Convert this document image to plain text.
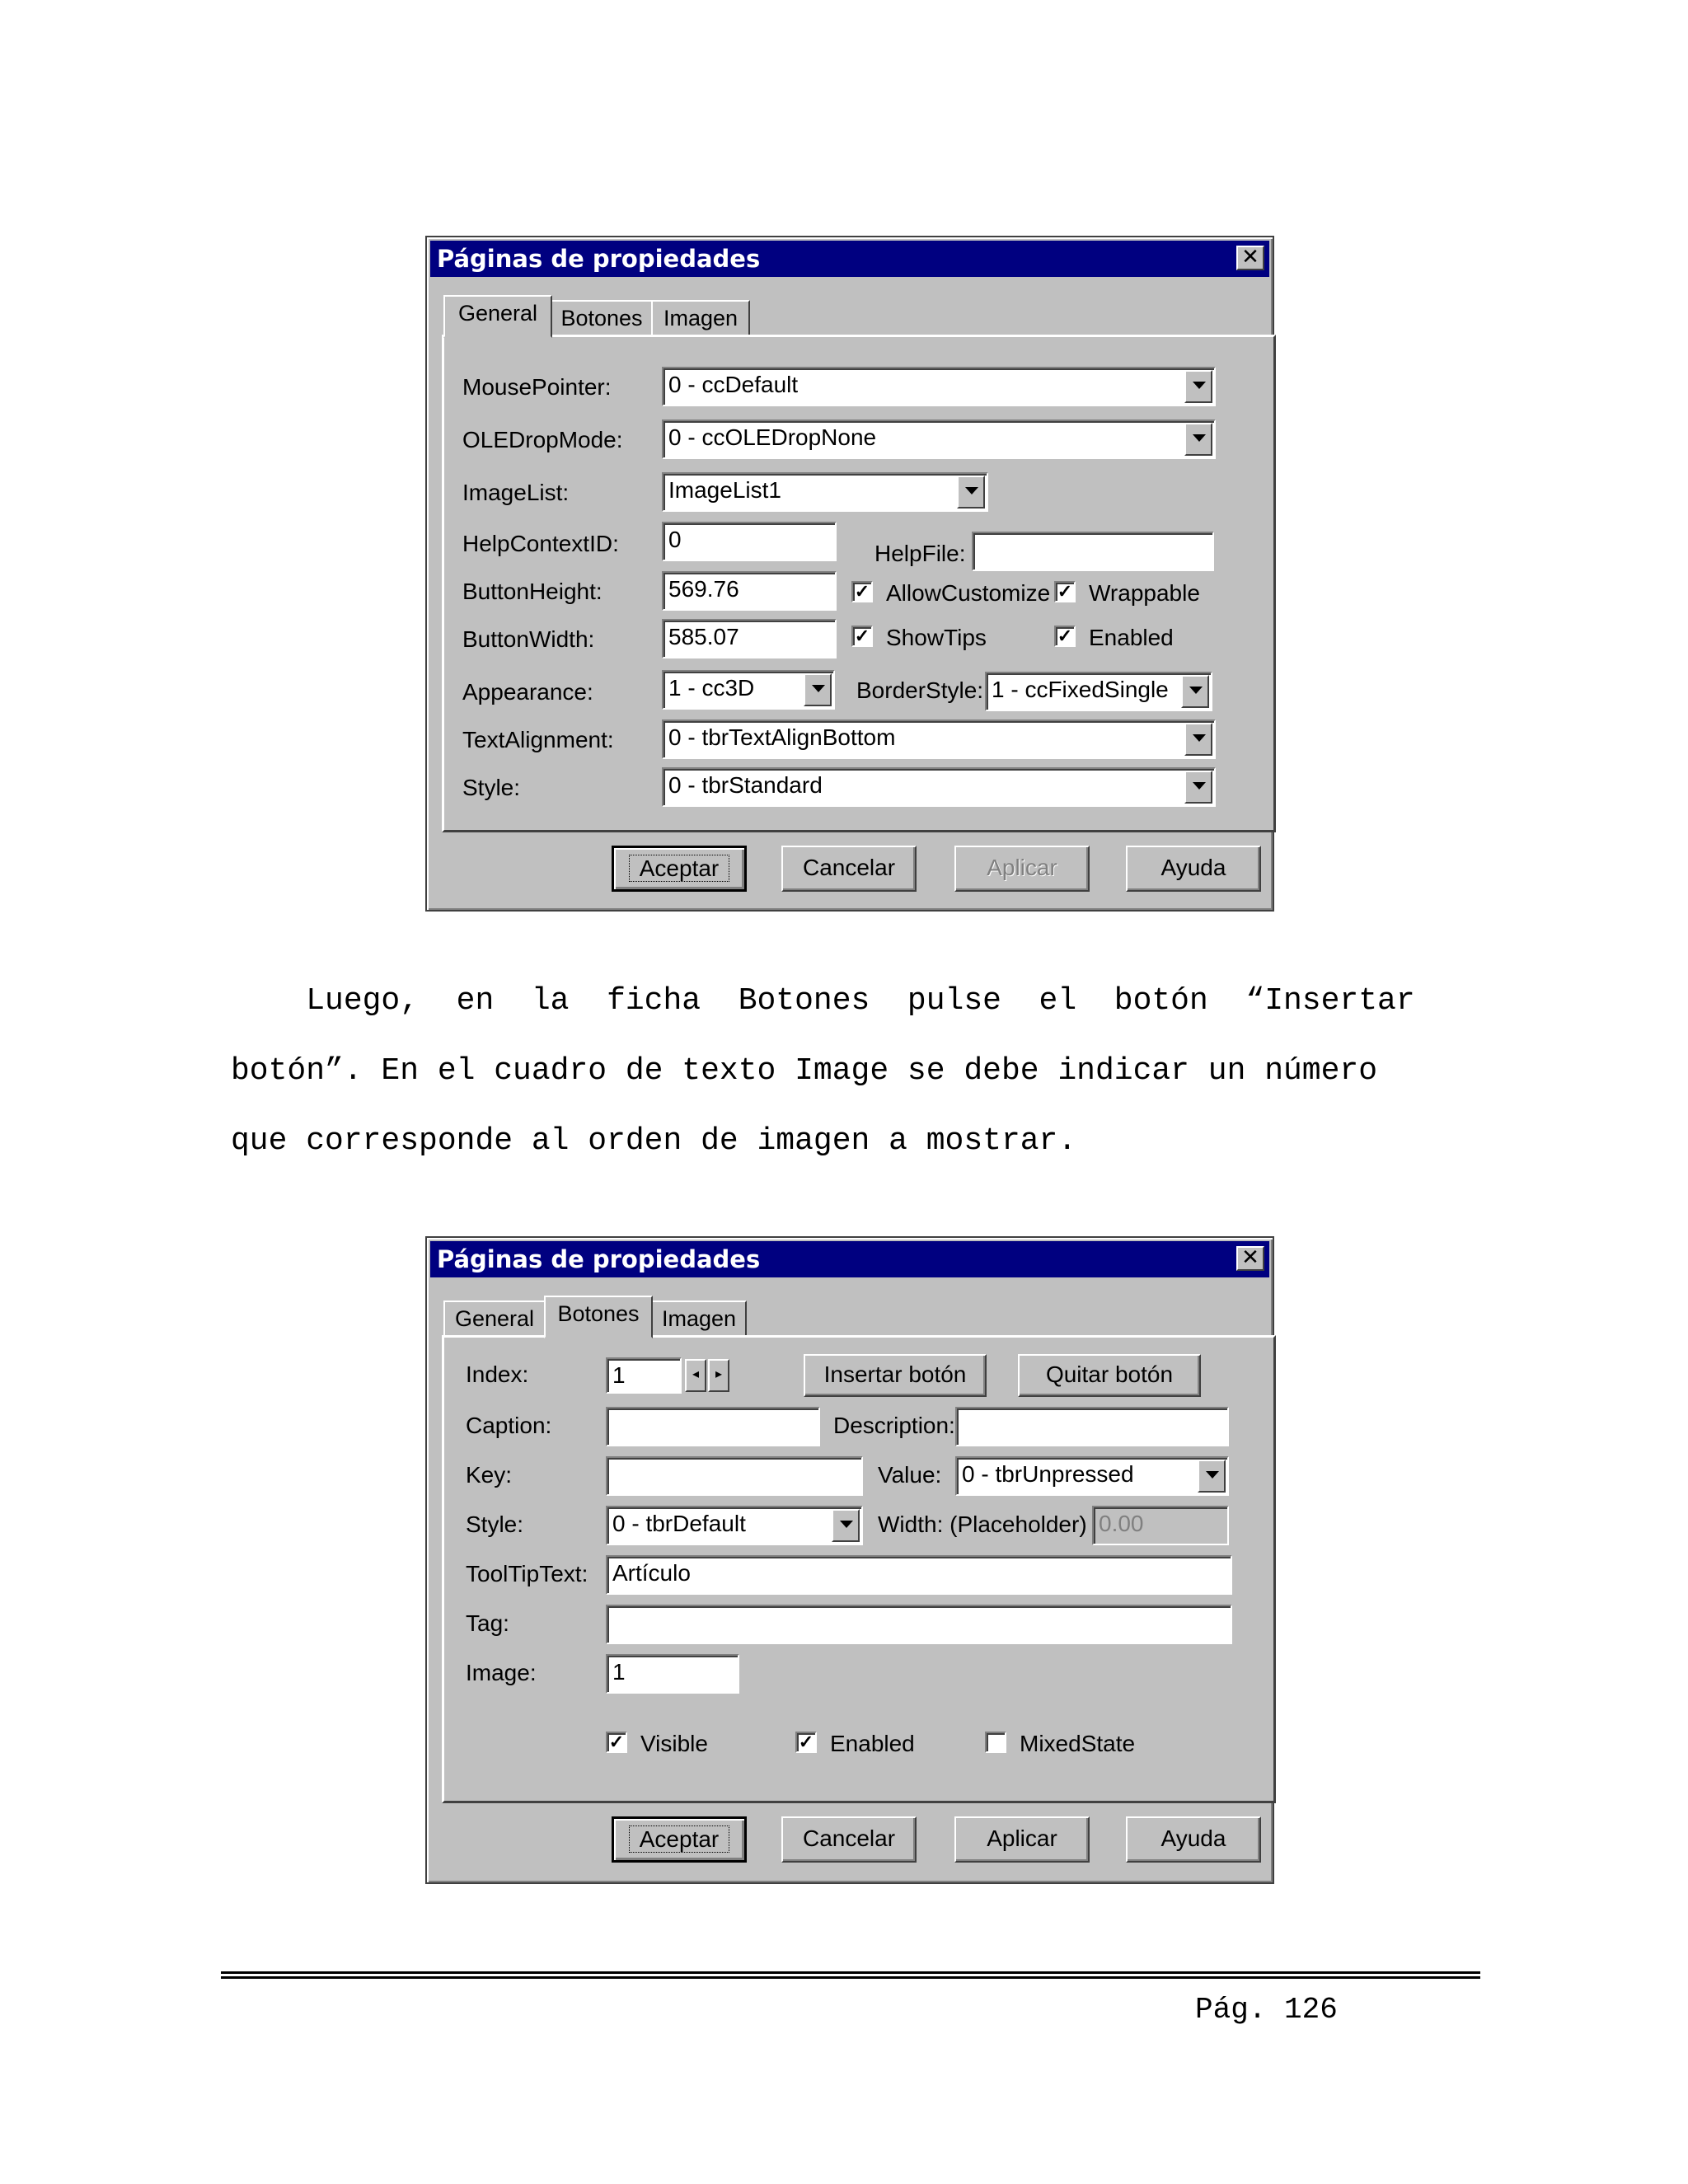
Páginas de propiedades	✕
General	Botones Imagen
MousePointer: 0 - ccDefault
OLEDropMode: 0 - ccOLEDropNone
ImageList:	ImageList1
HelpContextID: 0
HelpFile:
ButtonHeight:	569.76	✓ AllowCustomize ✓ Wrappable
ButtonWidth:	585.07	✓ ShowTips	✓ Enabled
Appearance:	1 - cc3D	BorderStyle: 1 - ccFixedSingle
TextAlignment: 0 - tbrTextAlignBottom
Style:	0 - tbrStandard
Aceptar	Cancelar	Aplicar	Ayuda
Luego,  en  la  ficha  Botones  pulse  el  botón  “Insertar
botón”. En el cuadro de texto Image se debe indicar un número
que corresponde al orden de imagen a mostrar.
Páginas de propiedades	✕
General	Botones	Imagen
Index:	1	◂	▸	Insertar botón	Quitar botón
Caption:	Description:
Key:	Value: 0 - tbrUnpressed
Style:	0 - tbrDefault	Width: (Placeholder) 0.00
ToolTipText: Artículo
Tag:
Image:	1
✓ Visible	✓ Enabled	MixedState
Aceptar	Cancelar	Aplicar	Ayuda
Pág. 126
